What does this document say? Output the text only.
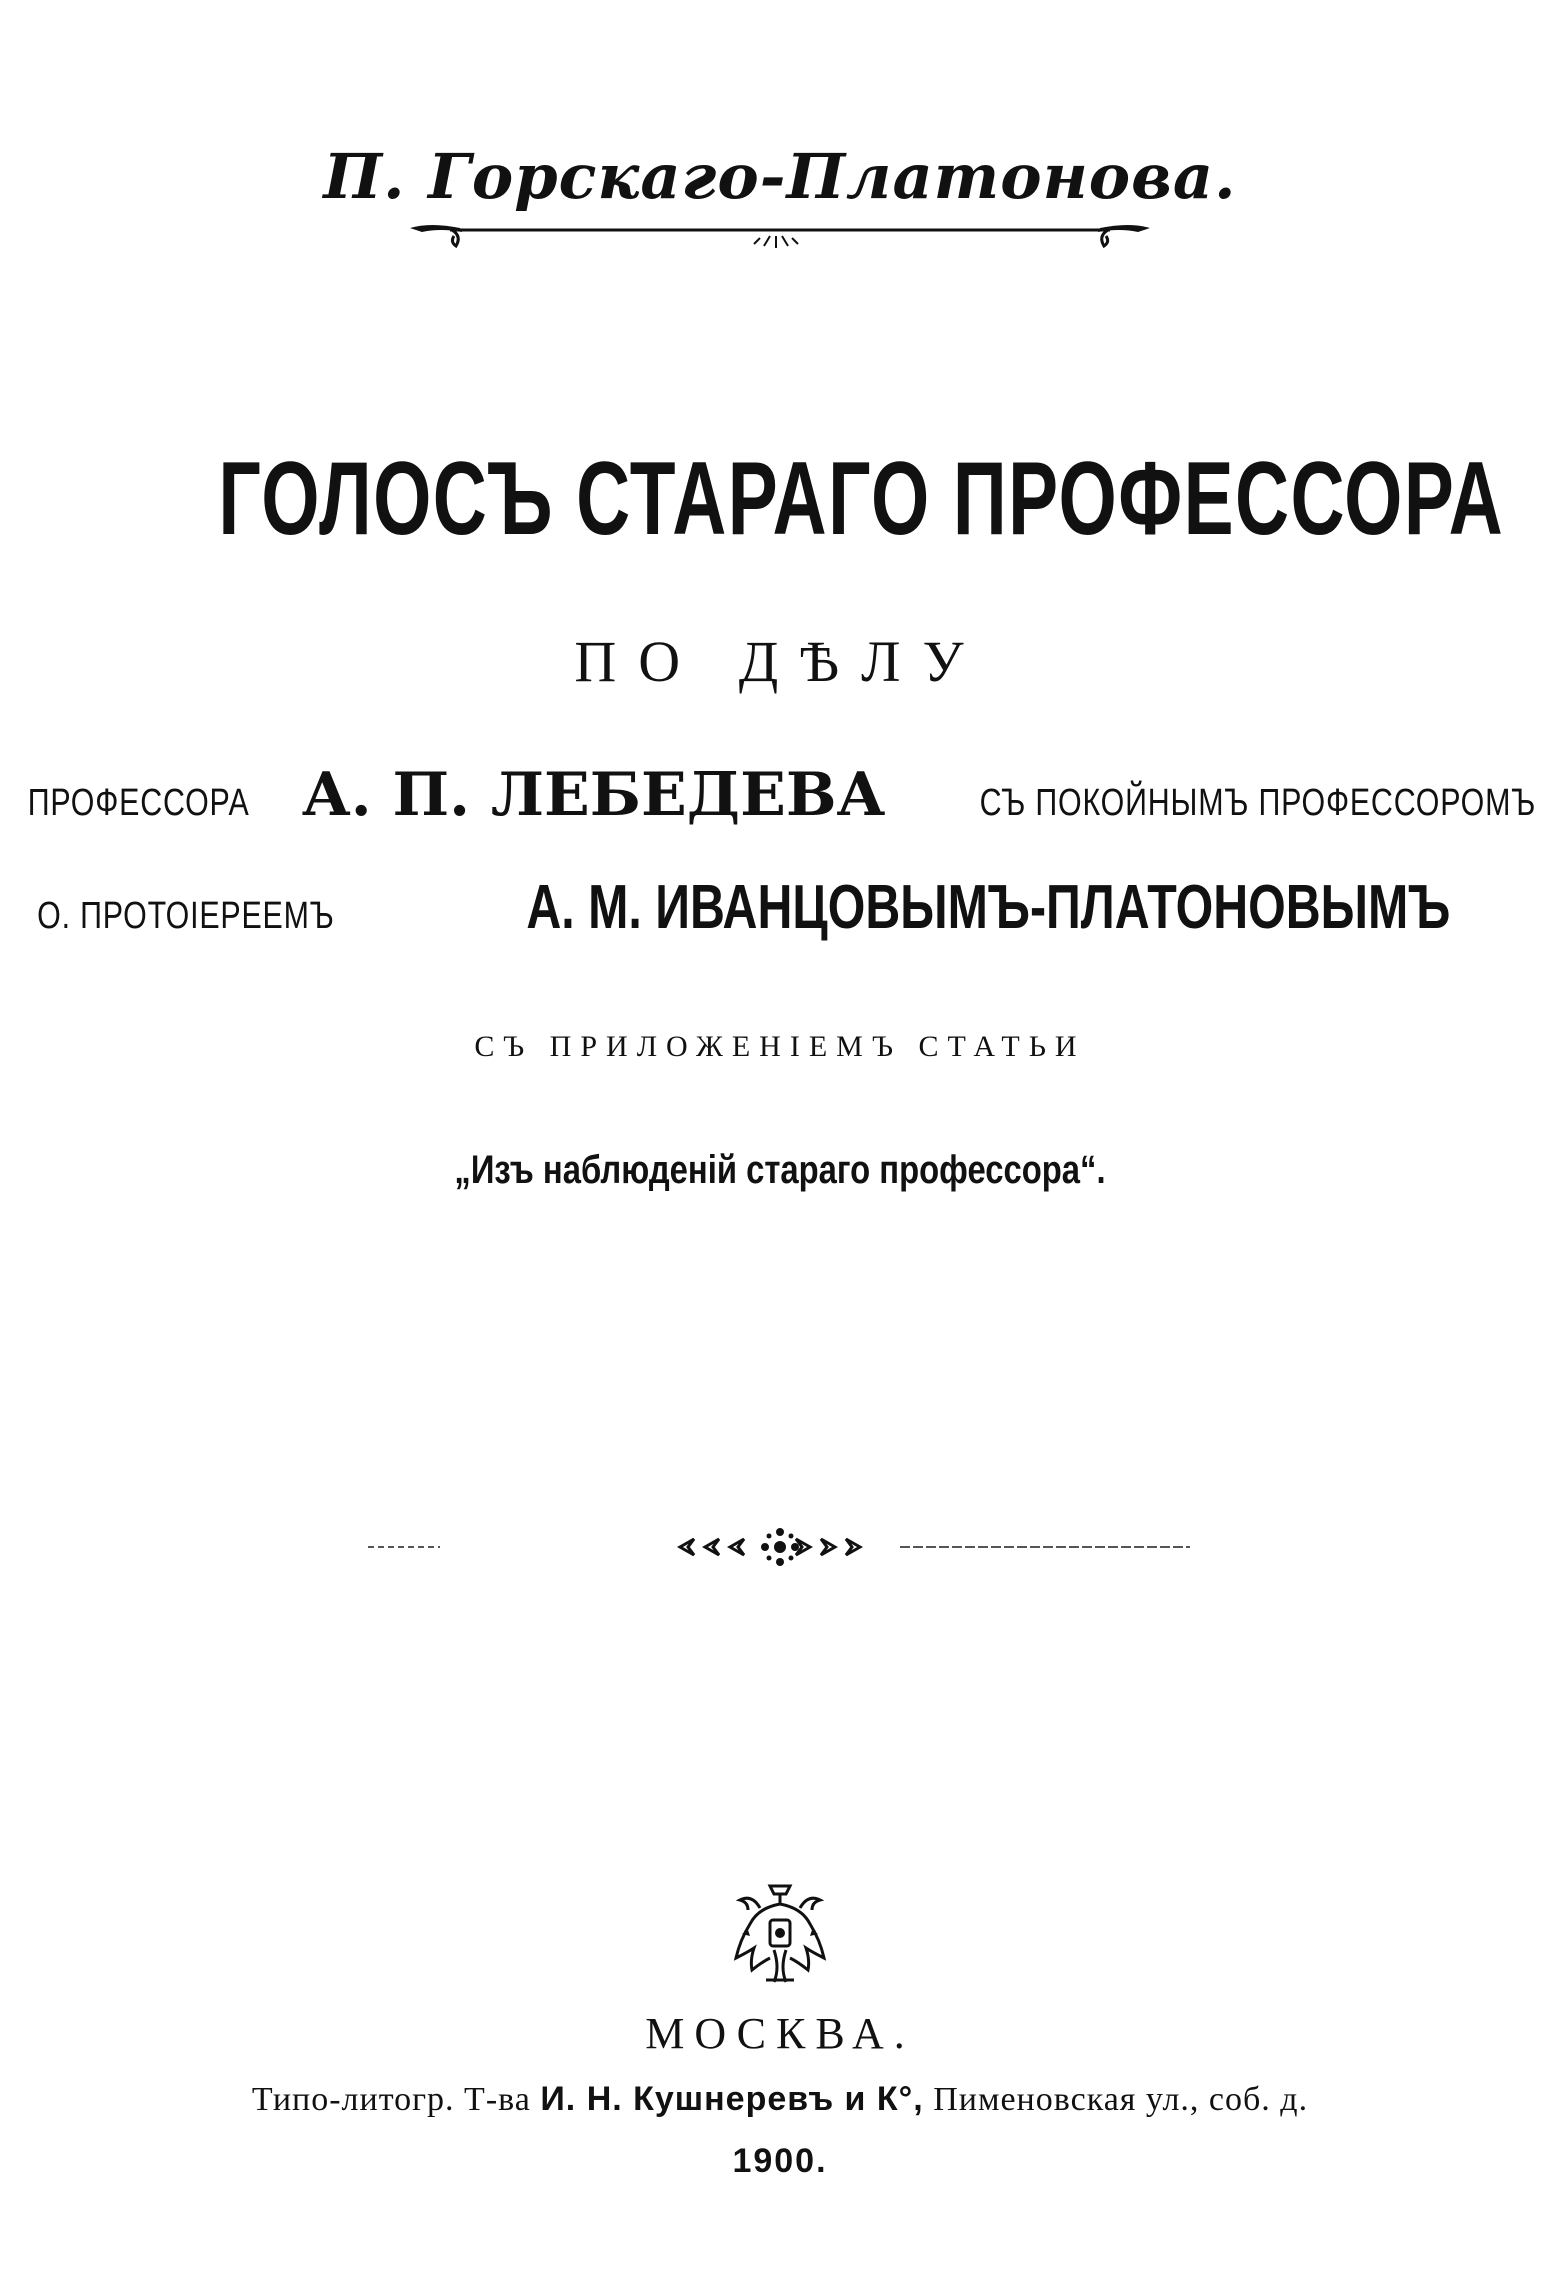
П. Горскаго-Платонова.
ГОЛОСЪ СТАРАГО ПРОФЕССОРА
ПО ДѢЛУ
ПРОФЕССОРА А. П. ЛЕБЕДЕВА СЪ ПОКОЙНЫМЪ ПРОФЕССОРОМЪ
О. ПРОТОІЕРЕЕМЪ	А. М. ИВАНЦОВЫМЪ-ПЛАТОНОВЫМЪ
СЪ ПРИЛОЖЕНІЕМЪ СТАТЬИ
„Изъ наблюденій стараго профессора“.
МОСКВА.
Типо-литогр. Т-ва И. Н. Кушнеревъ и К°, Пименовская ул., соб. д.
1900.
